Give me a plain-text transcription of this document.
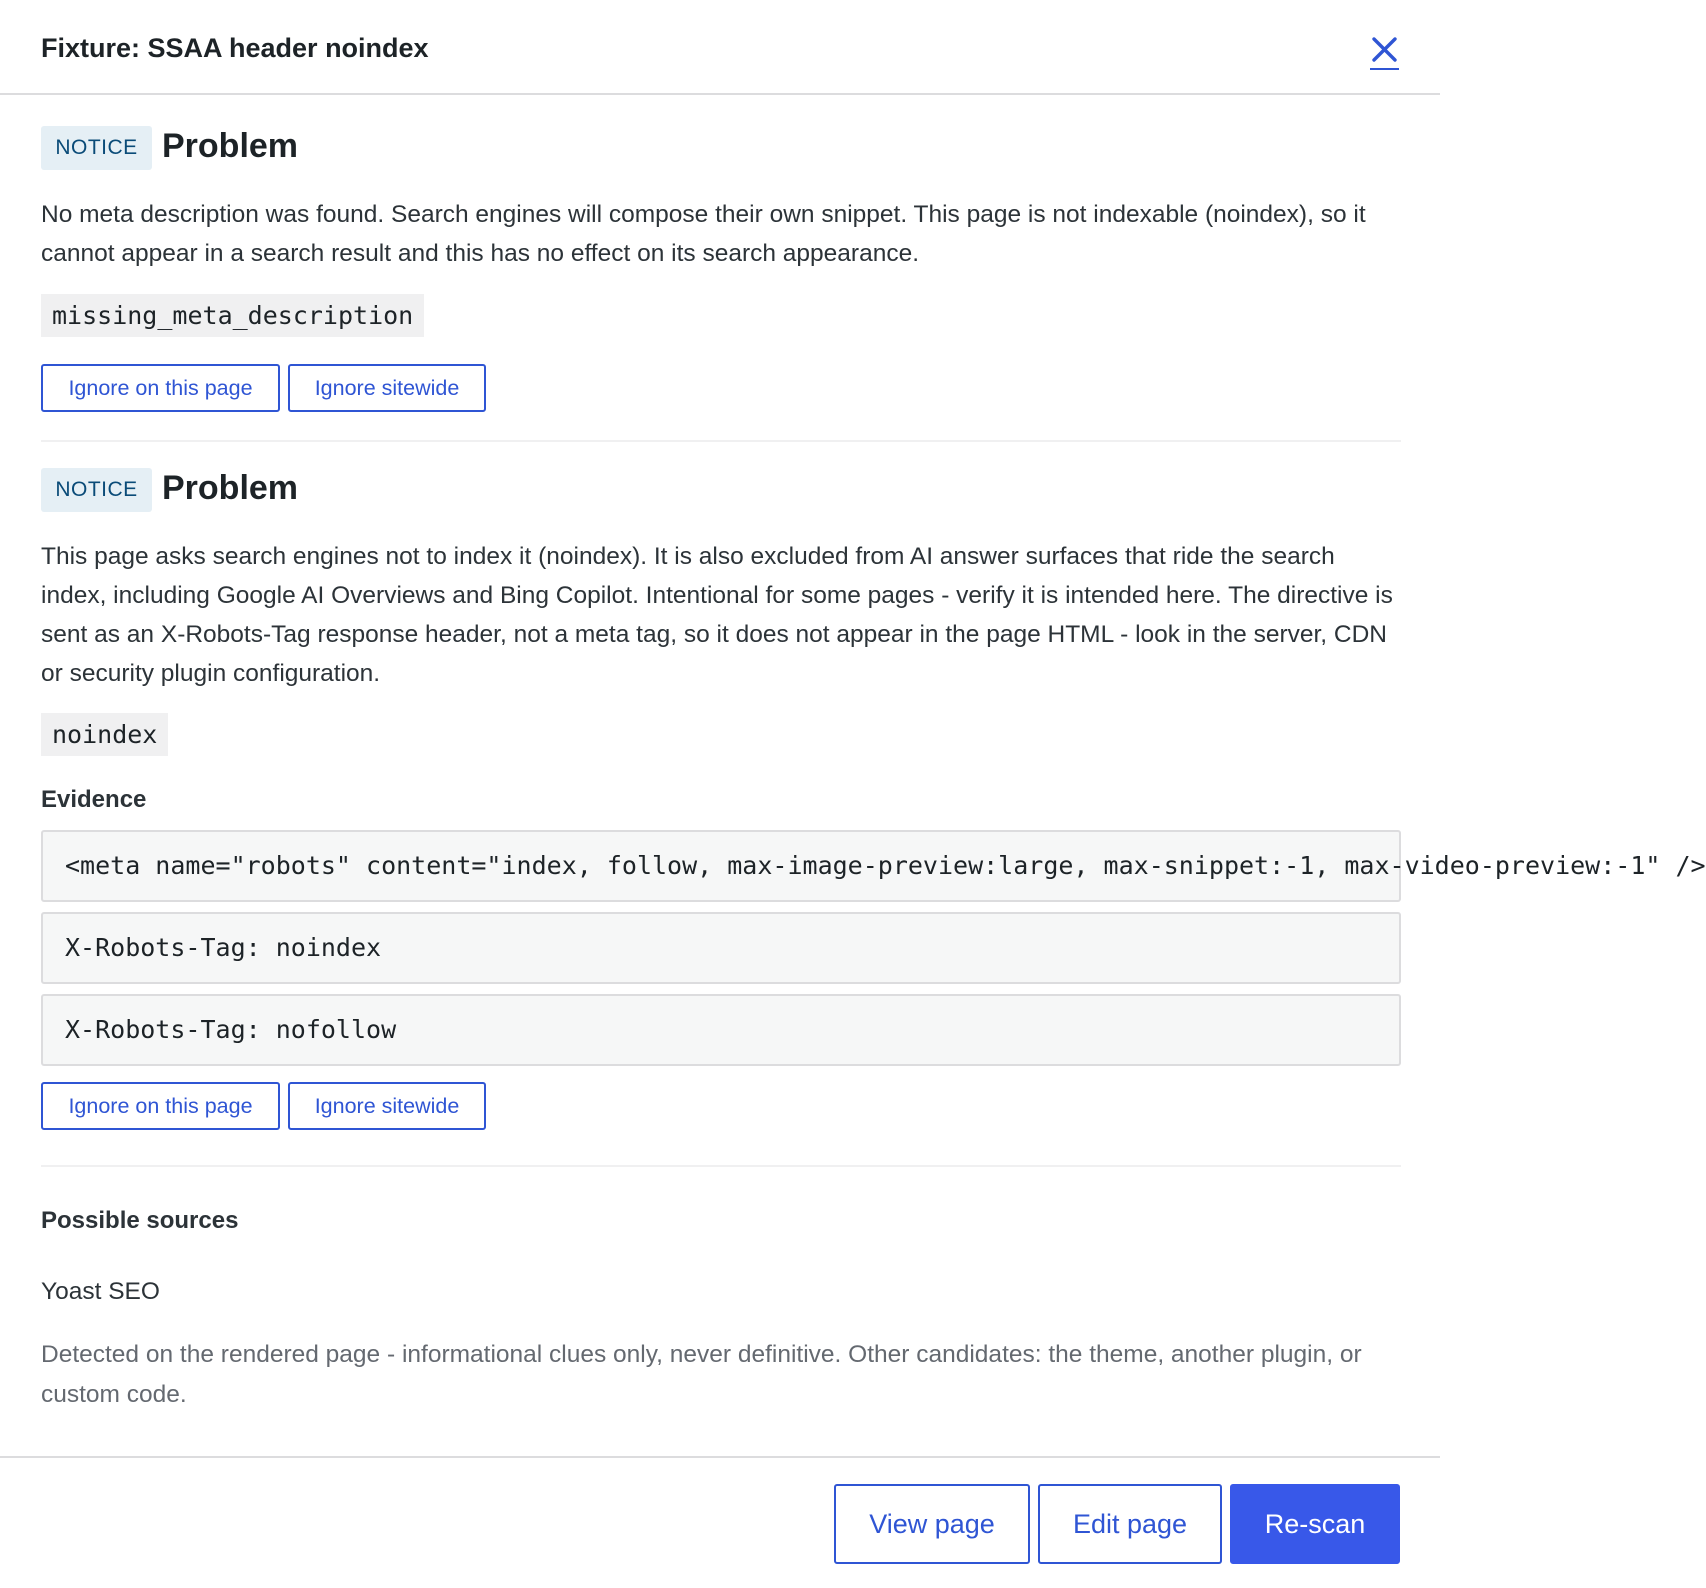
Fixture: SSAA header noindex
NOTICE Problem

No meta description was found. Search engines will compose their own snippet. This page is not indexable (noindex), so it cannot appear in a search result and this has no effect on its search appearance.

missing_meta_description
Ignore on this page	Ignore sitewide
NOTICE Problem

This page asks search engines not to index it (noindex). It is also excluded from AI answer surfaces that ride the search index, including Google AI Overviews and Bing Copilot. Intentional for some pages - verify it is intended here. The directive is sent as an X-Robots-Tag response header, not a meta tag, so it does not appear in the page HTML - look in the server, CDN or security plugin configuration.

noindex
Evidence
<meta name="robots" content="index, follow, max-image-preview:large, max-snippet:-1, max-video-preview:-1" />
X-Robots-Tag: noindex
X-Robots-Tag: nofollow
Ignore on this page	Ignore sitewide
Possible sources

Yoast SEO

Detected on the rendered page - informational clues only, never definitive. Other candidates: the theme, another plugin, or custom code.

View page	Edit page	Re-scan
